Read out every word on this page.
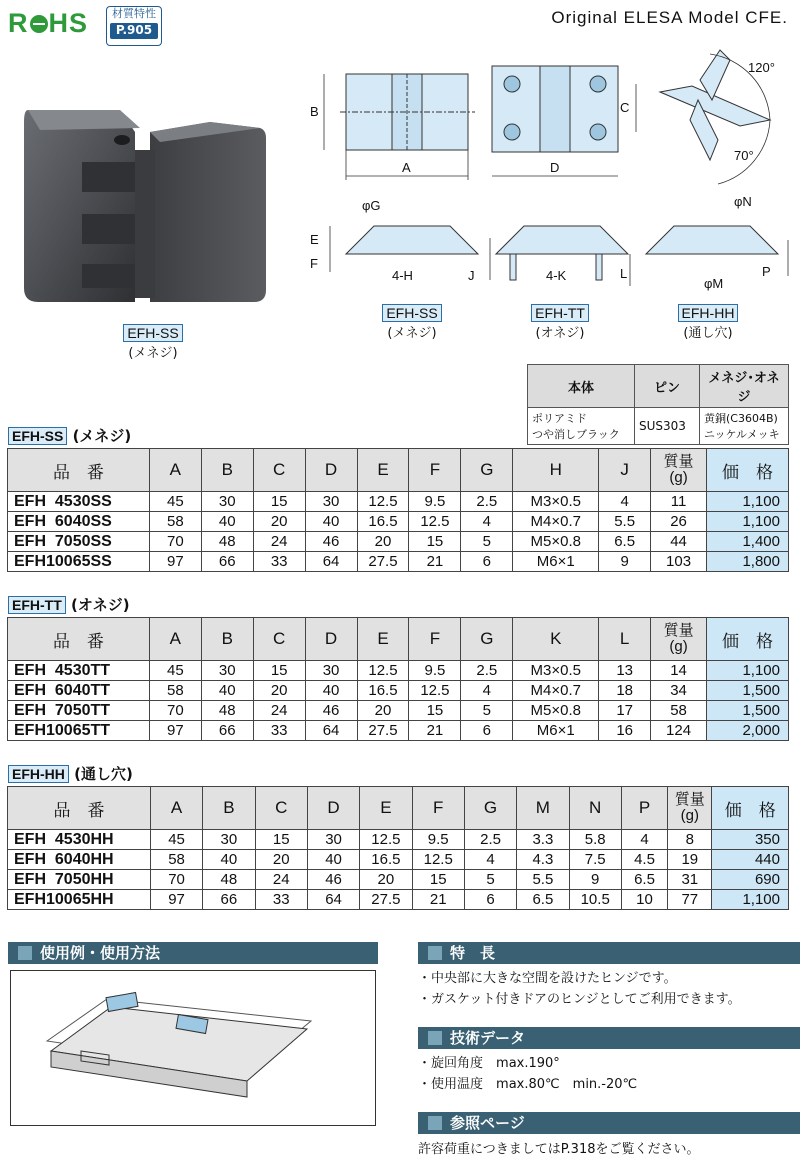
R HS	材質特性
P.905
Original ELESA Model CFE.
EFH-SS
(メネジ)
A
B	C
D
120°
70°
φG
E
F
4-H	J	4-K	L
φN
φM
P
EFH-SS
(メネジ)
EFH-TT
(オネジ)
EFH-HH
(通し穴)
本体	ピン	メネジ･オネジ
ポリアミド
つや消しブラック	SUS303	黄銅(C3604B)
ニッケルメッキ
EFH-SS (メネジ)
品　番	A	B	C	D	E	F	G	H	J	質量
(g)	価　格
EFH  4530SS	45	30	15	30	12.5	9.5	2.5	M3×0.5	4	11	1,100
EFH  6040SS	58	40	20	40	16.5	12.5	4	M4×0.7	5.5	26	1,100
EFH  7050SS	70	48	24	46	20	15	5	M5×0.8	6.5	44	1,400
EFH10065SS	97	66	33	64	27.5	21	6	M6×1	9	103	1,800
EFH-TT (オネジ)
品　番	A	B	C	D	E	F	G	K	L	質量
(g)	価　格
EFH  4530TT	45	30	15	30	12.5	9.5	2.5	M3×0.5	13	14	1,100
EFH  6040TT	58	40	20	40	16.5	12.5	4	M4×0.7	18	34	1,500
EFH  7050TT	70	48	24	46	20	15	5	M5×0.8	17	58	1,500
EFH10065TT	97	66	33	64	27.5	21	6	M6×1	16	124	2,000
EFH-HH (通し穴)
品　番	A	B	C	D	E	F	G	M	N	P	質量
(g)	価　格
EFH  4530HH	45	30	15	30	12.5	9.5	2.5	3.3	5.8	4	8	350
EFH  6040HH	58	40	20	40	16.5	12.5	4	4.3	7.5	4.5	19	440
EFH  7050HH	70	48	24	46	20	15	5	5.5	9	6.5	31	690
EFH10065HH	97	66	33	64	27.5	21	6	6.5	10.5	10	77	1,100
使用例・使用方法	特　長
・中央部に大きな空間を設けたヒンジです。
・ガスケット付きドアのヒンジとしてご利用できます。
技術データ
・旋回角度　 max.190°
・使用温度　 max.80℃　 min.-20℃
参照ページ
許容荷重につきましてはP.318をご覧ください。
